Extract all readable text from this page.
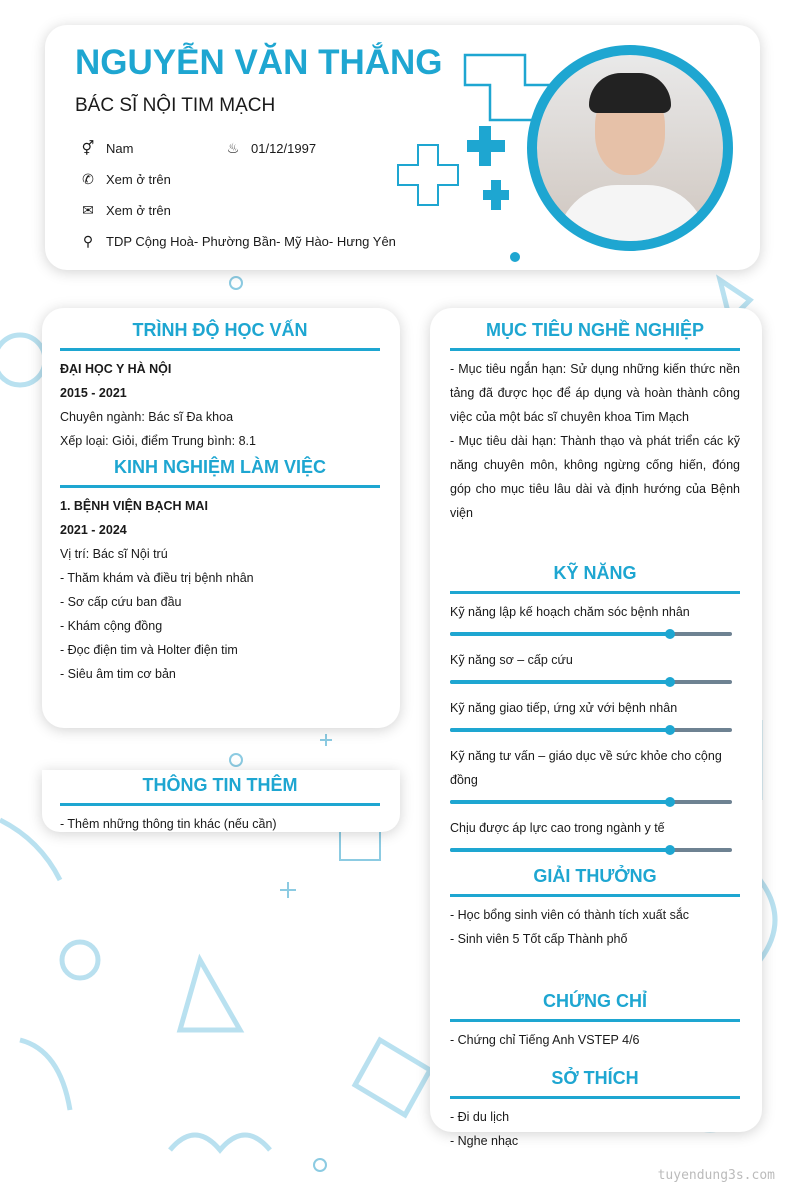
NGUYỄN VĂN THẮNG
BÁC SĨ NỘI TIM MẠCH
⚥ Nam	♨ 01/12/1997
✆ Xem ở trên
✉ Xem ở trên
⚲ TDP Cộng Hoà- Phường Bần- Mỹ Hào- Hưng Yên
TRÌNH ĐỘ HỌC VẤN
ĐẠI HỌC Y HÀ NỘI
2015 - 2021
Chuyên ngành: Bác sĩ Đa khoa
Xếp loại: Giỏi, điểm Trung bình: 8.1
KINH NGHIỆM LÀM VIỆC
1. BỆNH VIỆN BẠCH MAI
2021 - 2024
Vị trí: Bác sĩ Nội trú
- Thăm khám và điều trị bệnh nhân
- Sơ cấp cứu ban đầu
- Khám cộng đồng
- Đọc điện tim và Holter điện tim
- Siêu âm tim cơ bản
THÔNG TIN THÊM
- Thêm những thông tin khác (nếu cần)
MỤC TIÊU NGHỀ NGHIỆP
- Mục tiêu ngắn hạn: Sử dụng những kiến thức nền tảng đã được học để áp dụng và hoàn thành công việc của một bác sĩ chuyên khoa Tim Mạch
- Mục tiêu dài hạn: Thành thạo và phát triển các kỹ năng chuyên môn, không ngừng cống hiến, đóng góp cho mục tiêu lâu dài và định hướng của Bệnh viện
KỸ NĂNG
Kỹ năng lập kế hoạch chăm sóc bệnh nhân
Kỹ năng sơ – cấp cứu
Kỹ năng giao tiếp, ứng xử với bệnh nhân
Kỹ năng tư vấn – giáo dục về sức khỏe cho cộng đồng
Chịu được áp lực cao trong ngành y tế
GIẢI THƯỞNG
- Học bổng sinh viên có thành tích xuất sắc
- Sinh viên 5 Tốt cấp Thành phố
CHỨNG CHỈ
- Chứng chỉ Tiếng Anh VSTEP 4/6
SỞ THÍCH
- Đi du lịch
- Nghe nhạc
tuyendung3s.com
